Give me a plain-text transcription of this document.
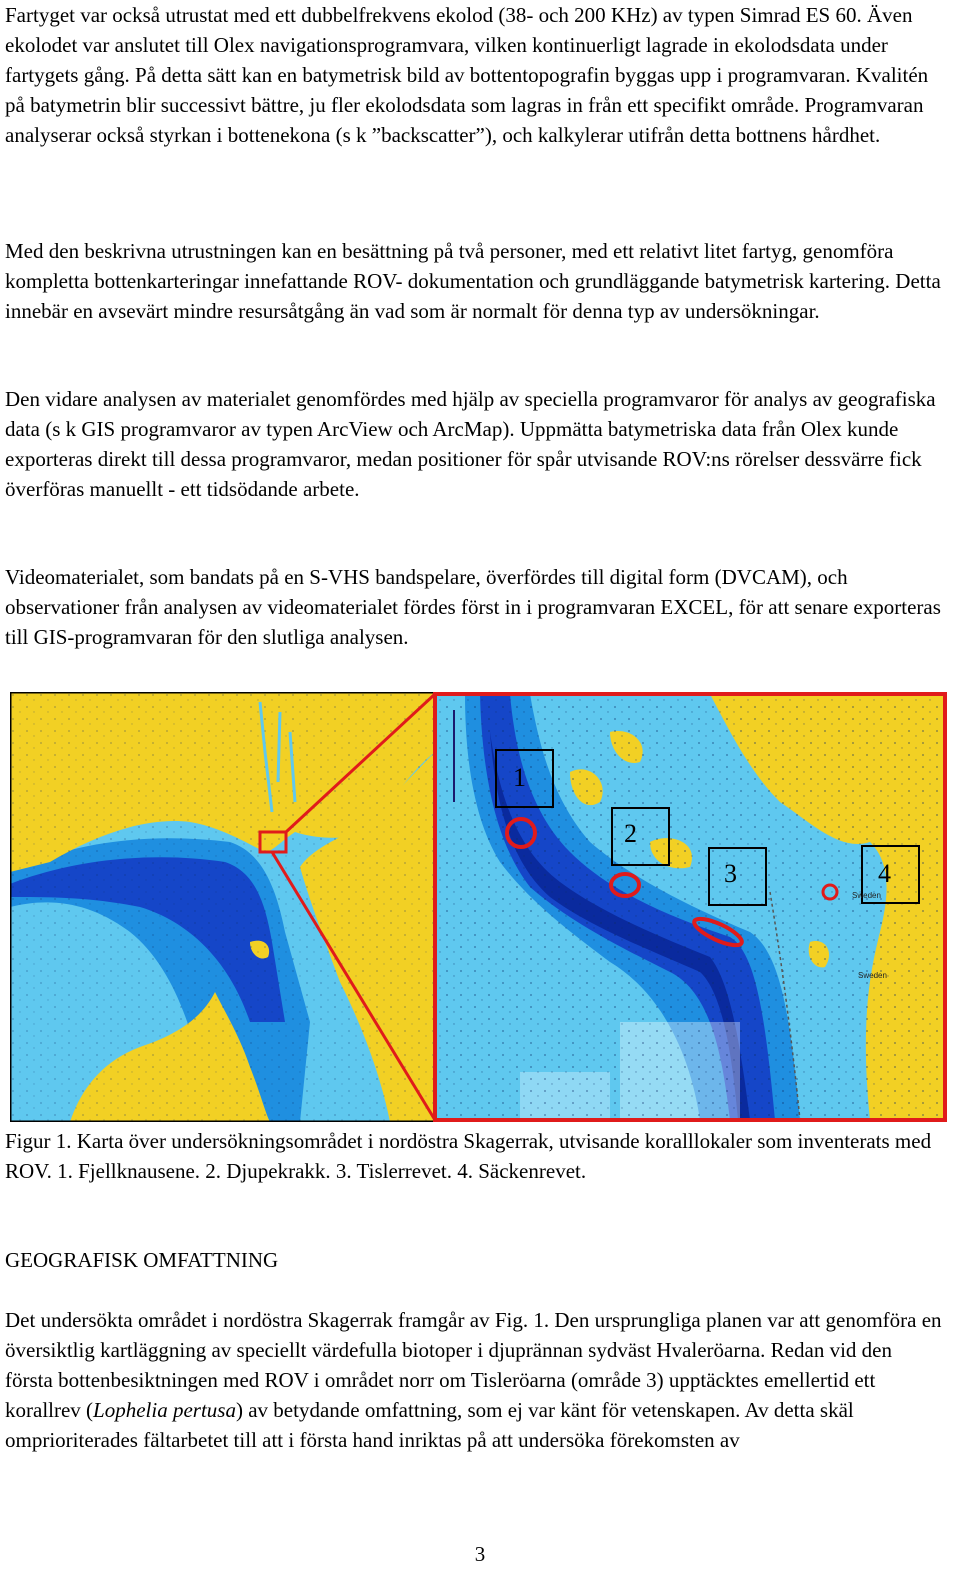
Fartyget var också utrustat med ett dubbelfrekvens ekolod (38- och 200 KHz) av typen Simrad ES 60. Även ekolodet var anslutet till Olex navigationsprogramvara, vilken kontinuerligt lagrade in ekolodsdata under fartygets gång. På detta sätt kan en batymetrisk bild av bottentopografin byggas upp i programvaran. Kvalitén på batymetrin blir successivt bättre, ju fler ekolodsdata som lagras in från ett specifikt område. Programvaran analyserar också styrkan i bottenekona (s k ”backscatter”), och kalkylerar utifrån detta bottnens hårdhet.

Med den beskrivna utrustningen kan en besättning på två personer, med ett relativt litet fartyg, genomföra kompletta bottenkarteringar innefattande ROV- dokumentation och grundläggande batymetrisk kartering. Detta innebär en avsevärt mindre resursåtgång än vad som är normalt för denna typ av undersökningar.

Den vidare analysen av materialet genomfördes med hjälp av speciella programvaror för analys av geografiska data (s k GIS programvaror av typen ArcView och ArcMap). Uppmätta batymetriska data från Olex kunde exporteras direkt till dessa programvaror, medan positioner för spår utvisande ROV:ns rörelser dessvärre fick överföras manuellt - ett tidsödande arbete.

Videomaterialet, som bandats på en S-VHS bandspelare, överfördes till digital form (DVCAM), och observationer från analysen av videomaterialet fördes först in i programvaran EXCEL, för att senare exporteras till GIS-programvaran för den slutliga analysen.

1
2
3	4
Sweden
Sweden

Figur 1. Karta över undersökningsområdet i nordöstra Skagerrak, utvisande koralllokaler som inventerats med ROV. 1. Fjellknausene. 2. Djupekrakk. 3. Tislerrevet. 4. Säckenrevet.

GEOGRAFISK OMFATTNING

Det undersökta området i nordöstra Skagerrak framgår av Fig. 1. Den ursprungliga planen var att genomföra en översiktlig kartläggning av speciellt värdefulla biotoper i djuprännan sydväst Hvaleröarna. Redan vid den första bottenbesiktningen med ROV i området norr om Tisleröarna (område 3) upptäcktes emellertid ett korallrev (Lophelia pertusa) av betydande omfattning, som ej var känt för vetenskapen. Av detta skäl omprioriterades fältarbetet till att i första hand inriktas på att undersöka förekomsten av

3
